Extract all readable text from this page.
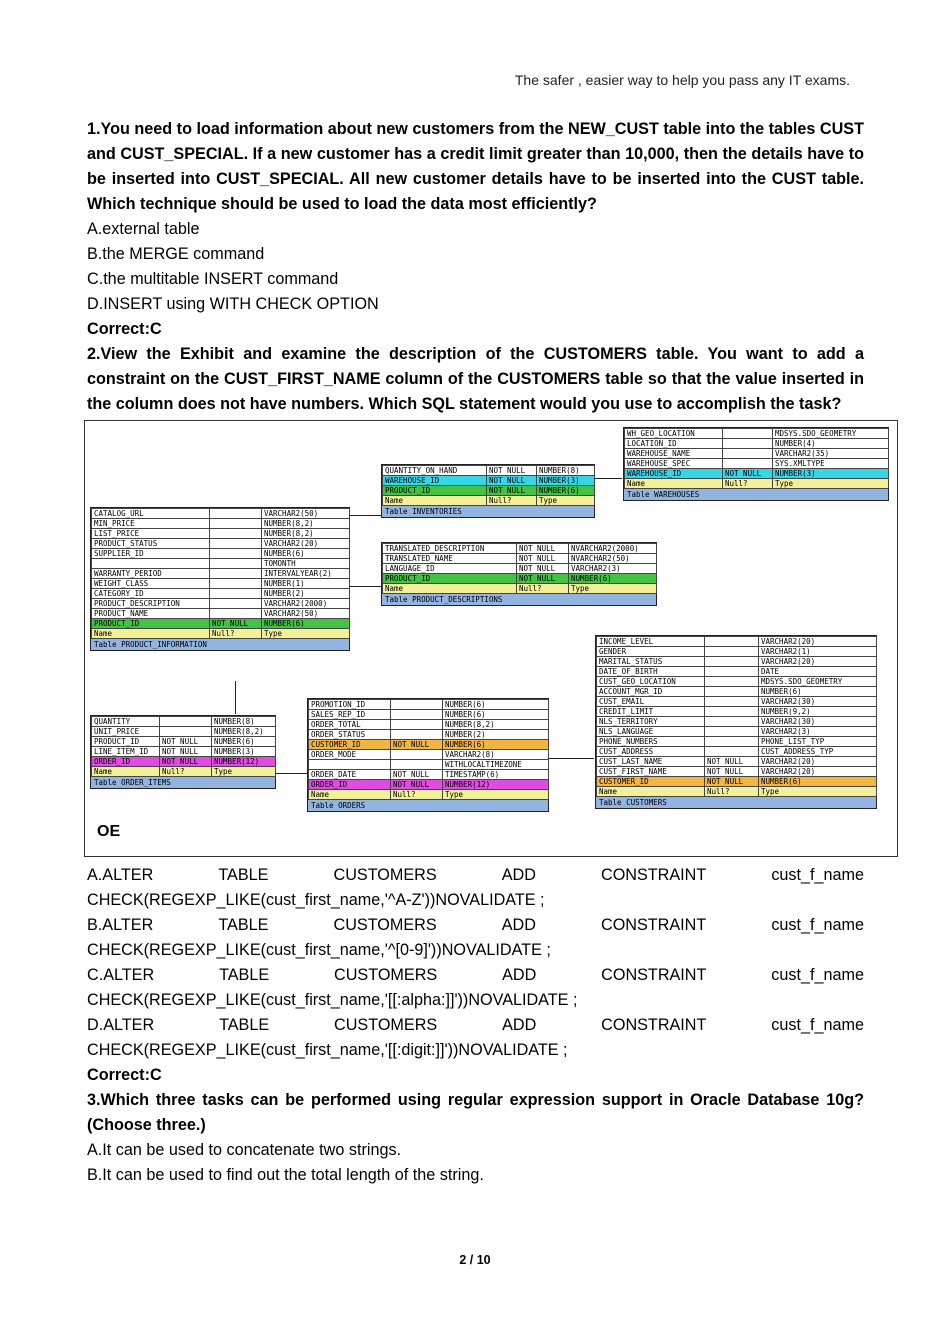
The safer , easier way to help you pass any IT exams.
1.You need to load information about new customers from the NEW_CUST table into the tables CUST and CUST_SPECIAL. If a new customer has a credit limit greater than 10,000, then the details have to be inserted into CUST_SPECIAL. All new customer details have to be inserted into the CUST table. Which technique should be used to load the data most efficiently?
A.external table
B.the MERGE command
C.the multitable INSERT command
D.INSERT using WITH CHECK OPTION
Correct:C
2.View the Exhibit and examine the description of the CUSTOMERS table. You want to add a constraint on the CUST_FIRST_NAME column of the CUSTOMERS table so that the value inserted in the column does not have numbers. Which SQL statement would you use to accomplish the task?
WH_GEO_LOCATION		MDSYS.SDO_GEOMETRY
LOCATION_ID		NUMBER(4)
WAREHOUSE_NAME		VARCHAR2(35)
WAREHOUSE_SPEC		SYS.XMLTYPE
WAREHOUSE_ID	NOT NULL	NUMBER(3)
Name	Null?	Type
Table WAREHOUSES
QUANTITY_ON_HAND	NOT NULL	NUMBER(8)
WAREHOUSE_ID	NOT NULL	NUMBER(3)
PRODUCT_ID	NOT NULL	NUMBER(6)
Name	Null?	Type
Table INVENTORIES
CATALOG_URL		VARCHAR2(50)
MIN_PRICE		NUMBER(8,2)
LIST_PRICE		NUMBER(8,2)
PRODUCT_STATUS		VARCHAR2(20)
SUPPLIER_ID		NUMBER(6)
		TOMONTH
WARRANTY_PERIOD		INTERVALYEAR(2)
WEIGHT_CLASS		NUMBER(1)
CATEGORY_ID		NUMBER(2)
PRODUCT_DESCRIPTION		VARCHAR2(2000)
PRODUCT_NAME		VARCHAR2(50)
PRODUCT_ID	NOT NULL	NUMBER(6)
Name	Null?	Type
Table PRODUCT_INFORMATION
TRANSLATED_DESCRIPTION	NOT NULL	NVARCHAR2(2000)
TRANSLATED_NAME	NOT NULL	NVARCHAR2(50)
LANGUAGE_ID	NOT NULL	VARCHAR2(3)
PRODUCT_ID	NOT NULL	NUMBER(6)
Name	Null?	Type
Table PRODUCT_DESCRIPTIONS
INCOME_LEVEL		VARCHAR2(20)
GENDER		VARCHAR2(1)
MARITAL_STATUS		VARCHAR2(20)
DATE_OF_BIRTH		DATE
CUST_GEO_LOCATION		MDSYS.SDO_GEOMETRY
ACCOUNT_MGR_ID		NUMBER(6)
CUST_EMAIL		VARCHAR2(30)
CREDIT_LIMIT		NUMBER(9,2)
NLS_TERRITORY		VARCHAR2(30)
NLS_LANGUAGE		VARCHAR2(3)
PHONE_NUMBERS		PHONE_LIST_TYP
CUST_ADDRESS		CUST_ADDRESS_TYP
CUST_LAST_NAME	NOT NULL	VARCHAR2(20)
CUST_FIRST_NAME	NOT NULL	VARCHAR2(20)
CUSTOMER_ID	NOT NULL	NUMBER(6)
Name	Null?	Type
Table CUSTOMERS
PROMOTION_ID		NUMBER(6)
SALES_REP_ID		NUMBER(6)
ORDER_TOTAL		NUMBER(8,2)
ORDER_STATUS		NUMBER(2)
CUSTOMER_ID	NOT NULL	NUMBER(6)
ORDER_MODE		VARCHAR2(8)
		WITHLOCALTIMEZONE
ORDER_DATE	NOT NULL	TIMESTAMP(6)
ORDER_ID	NOT NULL	NUMBER(12)
Name	Null?	Type
Table ORDERS
QUANTITY		NUMBER(8)
UNIT_PRICE		NUMBER(8,2)
PRODUCT_ID	NOT NULL	NUMBER(6)
LINE_ITEM_ID	NOT NULL	NUMBER(3)
ORDER_ID	NOT NULL	NUMBER(12)
Name	Null?	Type
Table ORDER_ITEMS
OE
A.ALTER	TABLE	CUSTOMERS	ADD	CONSTRAINT	cust_f_name
CHECK(REGEXP_LIKE(cust_first_name,'^A-Z'))NOVALIDATE ;
B.ALTER	TABLE	CUSTOMERS	ADD	CONSTRAINT	cust_f_name
CHECK(REGEXP_LIKE(cust_first_name,'^[0-9]'))NOVALIDATE ;
C.ALTER	TABLE	CUSTOMERS	ADD	CONSTRAINT	cust_f_name
CHECK(REGEXP_LIKE(cust_first_name,'[[:alpha:]]'))NOVALIDATE ;
D.ALTER	TABLE	CUSTOMERS	ADD	CONSTRAINT	cust_f_name
CHECK(REGEXP_LIKE(cust_first_name,'[[:digit:]]'))NOVALIDATE ;
Correct:C
3.Which three tasks can be performed using regular expression support in Oracle Database 10g? (Choose three.)
A.It can be used to concatenate two strings.
B.It can be used to find out the total length of the string.
2 / 10
